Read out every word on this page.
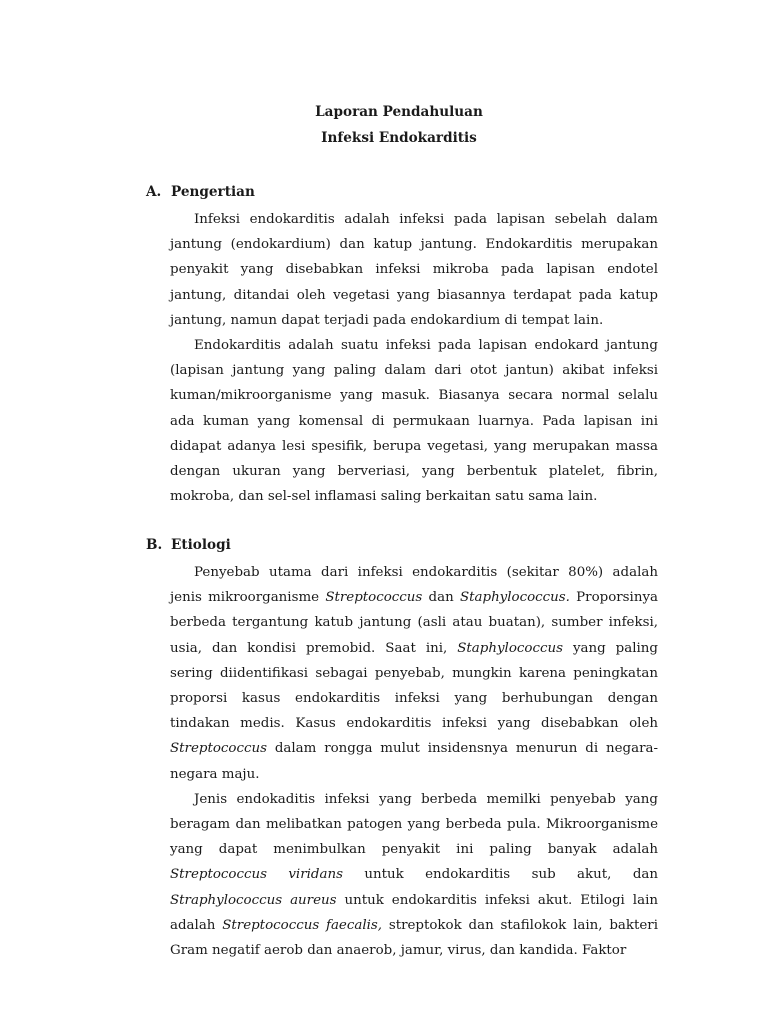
Laporan Pendahuluan
Infeksi Endokarditis
A. Pengertian

Infeksi endokarditis adalah infeksi pada lapisan sebelah dalam jantung (endokardium) dan katup jantung. Endokarditis merupakan penyakit yang disebabkan infeksi mikroba pada lapisan endotel jantung, ditandai oleh vegetasi yang biasannya terdapat pada katup jantung, namun dapat terjadi pada endokardium di tempat lain.

Endokarditis adalah suatu infeksi pada lapisan endokard jantung (lapisan jantung yang paling dalam dari otot jantun) akibat infeksi kuman/mikroorganisme yang masuk. Biasanya secara normal selalu ada kuman yang komensal di permukaan luarnya. Pada lapisan ini didapat adanya lesi spesifik, berupa vegetasi, yang merupakan massa dengan ukuran yang berveriasi, yang berbentuk platelet, fibrin, mokroba, dan sel-sel inflamasi saling berkaitan satu sama lain.

B. Etiologi

Penyebab utama dari infeksi endokarditis (sekitar 80%) adalah jenis mikroorganisme Streptococcus dan Staphylococcus. Proporsinya berbeda tergantung katub jantung (asli atau buatan), sumber infeksi, usia, dan kondisi premobid. Saat ini, Staphylococcus yang paling sering diidentifikasi sebagai penyebab, mungkin karena peningkatan proporsi kasus endokarditis infeksi yang berhubungan dengan tindakan medis. Kasus endokarditis infeksi yang disebabkan oleh Streptococcus dalam rongga mulut insidensnya menurun di negara-negara maju.

Jenis endokaditis infeksi yang berbeda memilki penyebab yang beragam dan melibatkan patogen yang berbeda pula. Mikroorganisme yang dapat menimbulkan penyakit ini paling banyak adalah Streptococcus viridans untuk endokarditis sub akut, dan Straphylococcus aureus untuk endokarditis infeksi akut. Etilogi lain adalah Streptococcus faecalis, streptokok dan stafilokok lain, bakteri Gram negatif aerob dan anaerob, jamur, virus, dan kandida. Faktor
